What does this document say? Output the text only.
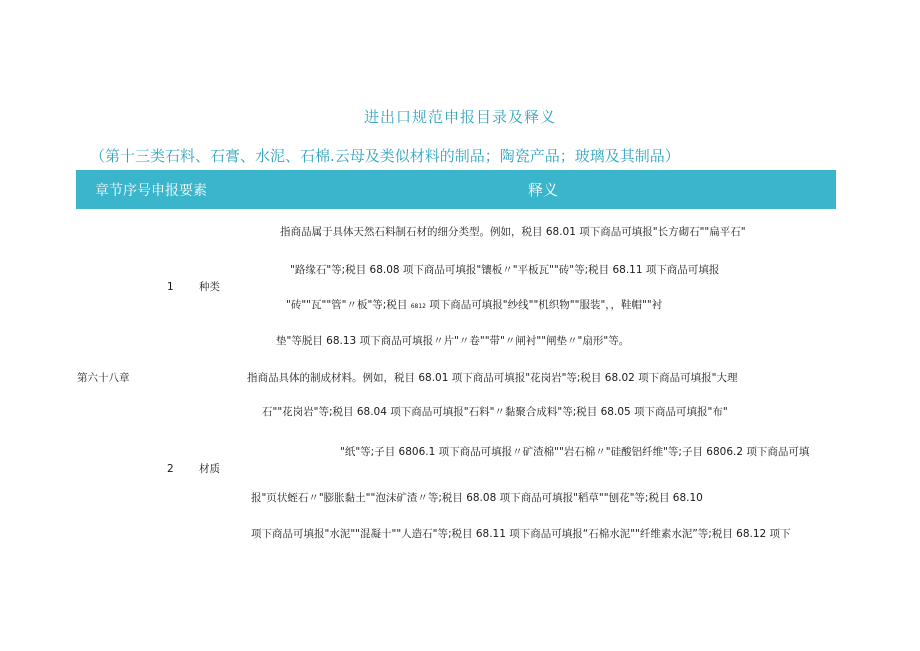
进出口规范申报目录及释义
（第十三类石料、石膏、水泥、石棉.云母及类似材料的制品；陶瓷产品；玻璃及其制品）
章节序号申报要素	释义
指商品属于具体天然石料制石材的细分类型。例如，税目 68.01 项下商品可填报"长方砌石""扁平石"
"路缘石"等;税目 68.08 项下商品可填报"镶板〃"平板瓦""砖"等;税目 68.11 项下商品可填报
1 种类
"砖""瓦""管"〃板"等;税目 6812 项下商品可填报"纱线""机织物""服装"，，鞋帽""衬
垫"等脱目 68.13 项下商品可填报〃片"〃卷""带"〃闸衬""闸垫〃"扇形"等。
第六十八章	指商品具体的制成材料。例如，税目 68.01 项下商品可填报"花岗岩"等;税目 68.02 项下商品可填报"大理
石""花岗岩"等;税目 68.04 项下商品可填报"石料"〃黏聚合成料"等;税目 68.05 项下商品可填报"布"
"纸"等;子目 6806.1 项下商品可填报〃矿渣棉""岩石棉〃"硅酸铝纤维"等;子目 6806.2 项下商品可填
2 材质
报"页状蛭石〃"膨胀黏土""泡沫矿渣〃等;税目 68.08 项下商品可填报"稻草""刨花"等;税目 68.10
项下商品可填报"水泥""混凝十""人造石"等;税目 68.11 项下商品可填报“石棉水泥""纤维素水泥”等;税目 68.12 项下
